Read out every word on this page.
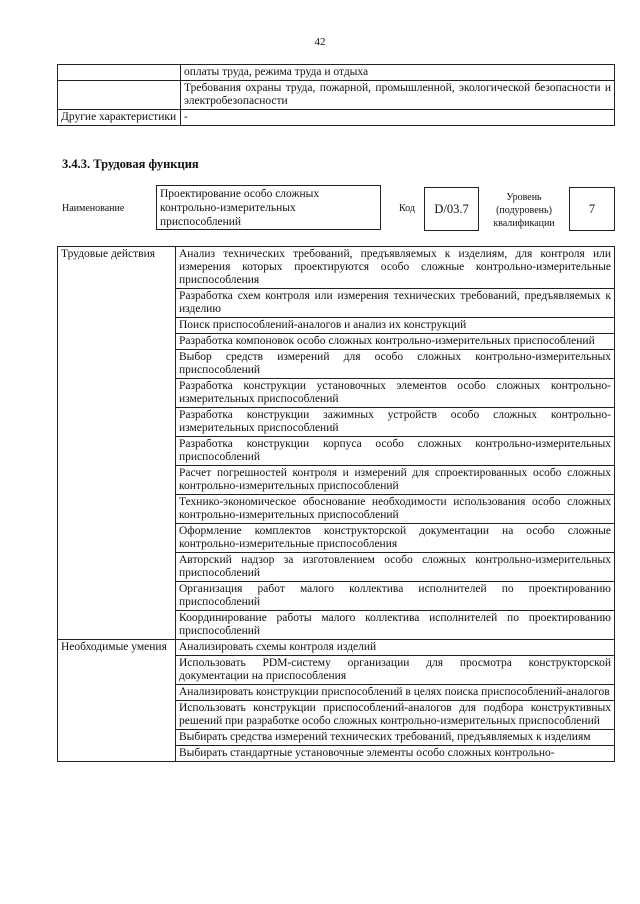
42
	оплаты труда, режима труда и отдыха
	Требования охраны труда, пожарной, промышленной, экологической безопасности и электробезопасности
Другие характеристики	-
3.4.3. Трудовая функция
Наименование
Проектирование особо сложных контрольно-измерительных приспособлений
Код	D/03.7
Уровень (подуровень) квалификации
7
Трудовые действия	Анализ технических требований, предъявляемых к изделиям, для контроля или измерения которых проектируются особо сложные контрольно-измерительные приспособления
	Разработка схем контроля или измерения технических требований, предъявляемых к изделию
	Поиск приспособлений-аналогов и анализ их конструкций
	Разработка компоновок особо сложных контрольно-измерительных приспособлений
	Выбор средств измерений для особо сложных контрольно-измерительных приспособлений
	Разработка конструкции установочных элементов особо сложных контрольно-измерительных приспособлений
	Разработка конструкции зажимных устройств особо сложных контрольно-измерительных приспособлений
	Разработка конструкции корпуса особо сложных контрольно-измерительных приспособлений
	Расчет погрешностей контроля и измерений для спроектированных особо сложных контрольно-измерительных приспособлений
	Технико-экономическое обоснование необходимости использования особо сложных контрольно-измерительных приспособлений
	Оформление комплектов конструкторской документации на особо сложные контрольно-измерительные приспособления
	Авторский надзор за изготовлением особо сложных контрольно-измерительных приспособлений
	Организация работ малого коллектива исполнителей по проектированию приспособлений
	Координирование работы малого коллектива исполнителей по проектированию приспособлений
Необходимые умения	Анализировать схемы контроля изделий
	Использовать PDM-систему организации для просмотра конструкторской документации на приспособления
	Анализировать конструкции приспособлений в целях поиска приспособлений-аналогов
	Использовать конструкции приспособлений-аналогов для подбора конструктивных решений при разработке особо сложных контрольно-измерительных приспособлений
	Выбирать средства измерений технических требований, предъявляемых к изделиям
	Выбирать стандартные установочные элементы особо сложных контрольно-
